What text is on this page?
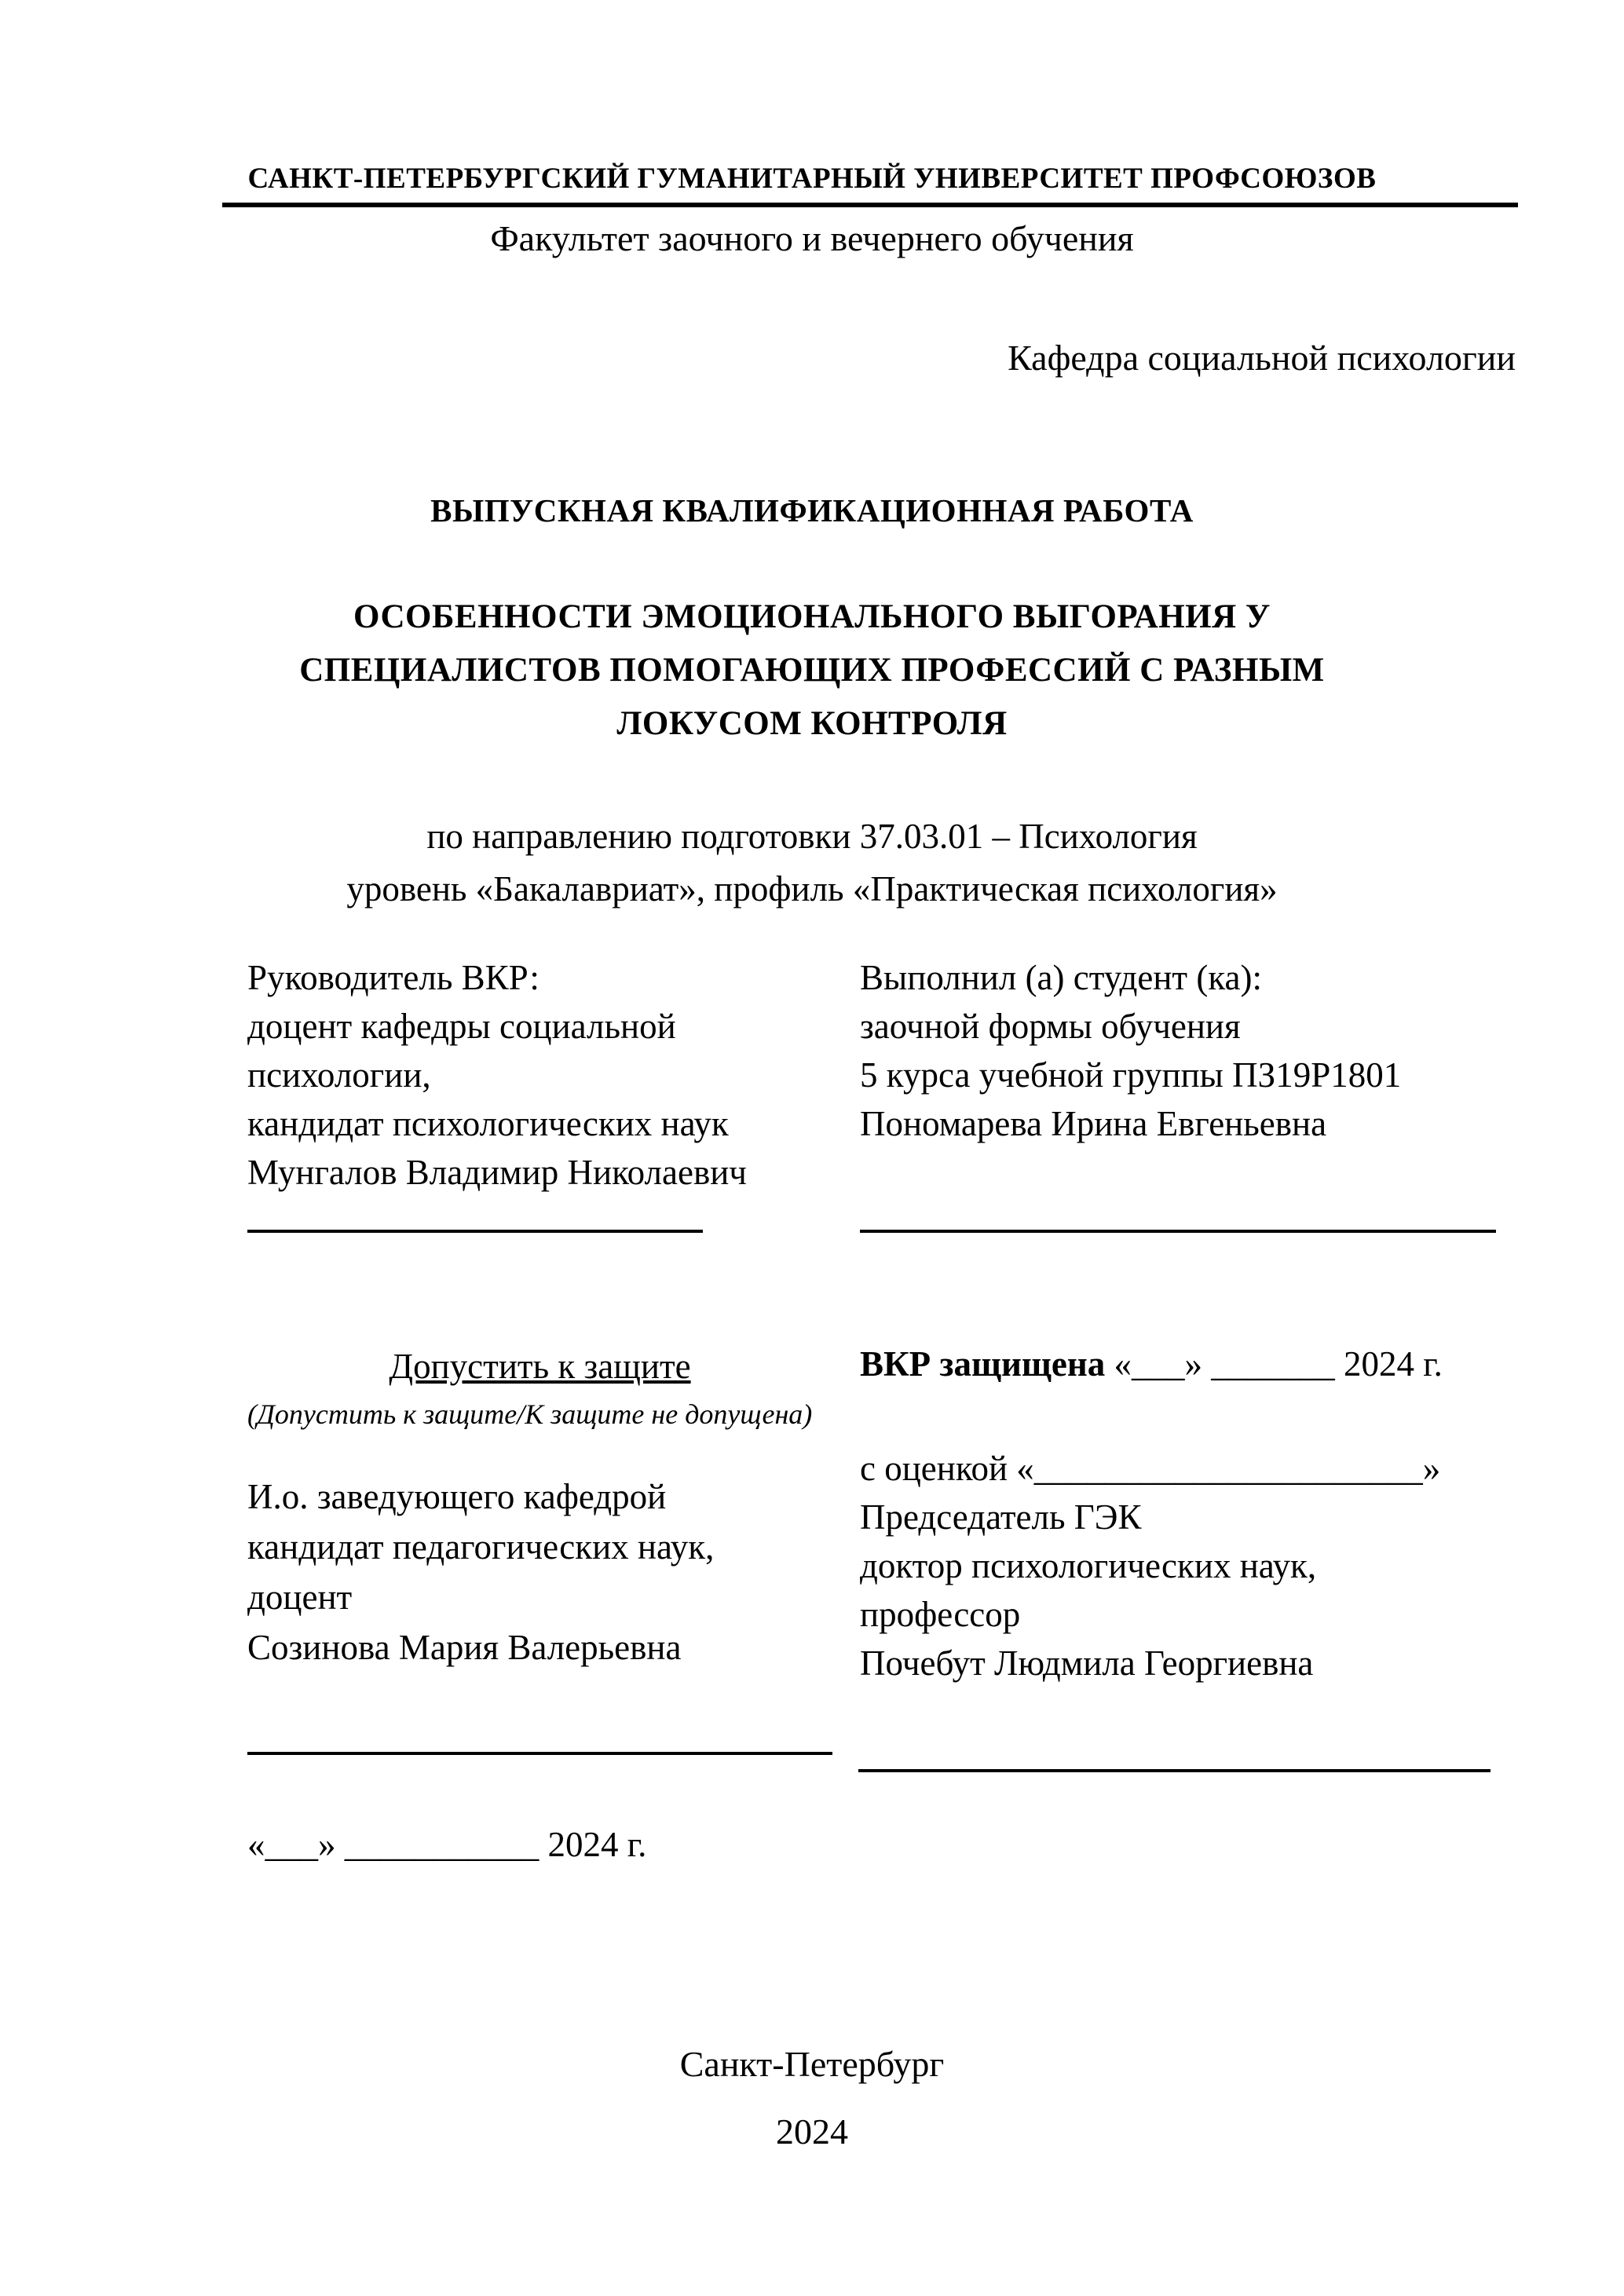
САНКТ-ПЕТЕРБУРГСКИЙ ГУМАНИТАРНЫЙ УНИВЕРСИТЕТ ПРОФСОЮЗОВ
Факультет заочного и вечернего обучения
Кафедра социальной психологии
ВЫПУСКНАЯ КВАЛИФИКАЦИОННАЯ РАБОТА
ОСОБЕННОСТИ ЭМОЦИОНАЛЬНОГО ВЫГОРАНИЯ У
СПЕЦИАЛИСТОВ ПОМОГАЮЩИХ ПРОФЕССИЙ С РАЗНЫМ
ЛОКУСОМ КОНТРОЛЯ
по направлению подготовки 37.03.01 – Психология
уровень «Бакалавриат», профиль «Практическая психология»
Руководитель ВКР:
доцент кафедры социальной
психологии,
кандидат психологических наук
Мунгалов Владимир Николаевич
Выполнил (а) студент (ка):
заочной формы обучения
5 курса учебной группы ПЗ19Р1801
Пономарева Ирина Евгеньевна
Допустить к защите
(Допустить к защите/К защите не допущена)
И.о. заведующего кафедрой
кандидат педагогических наук,
доцент
Созинова Мария Валерьевна
«___» ___________ 2024 г.
ВКР защищена «___» _______ 2024 г.
с оценкой «______________________»
Председатель ГЭК
доктор психологических наук,
профессор
Почебут Людмила Георгиевна
Санкт-Петербург
2024
